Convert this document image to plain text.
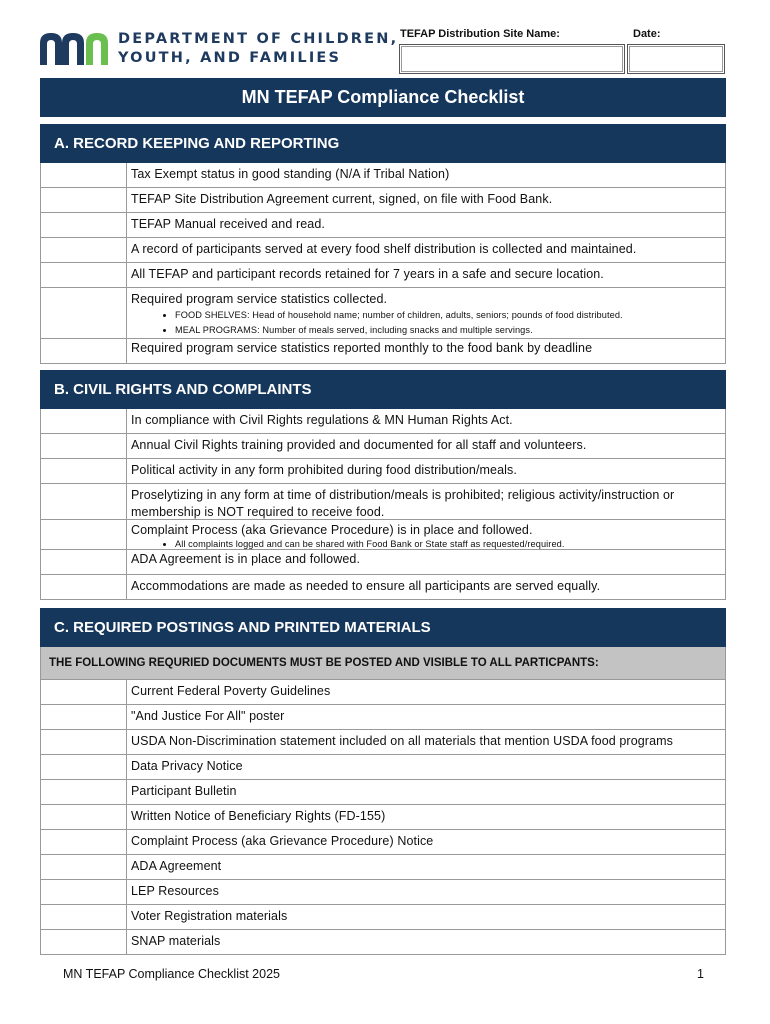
DEPARTMENT OF CHILDREN,
YOUTH, AND FAMILIES
TEFAP Distribution Site Name:	Date:
MN TEFAP Compliance Checklist
A. RECORD KEEPING AND REPORTING
Tax Exempt status in good standing (N/A if Tribal Nation)
TEFAP Site Distribution Agreement current, signed, on file with Food Bank.
TEFAP Manual received and read.
A record of participants served at every food shelf distribution is collected and maintained.
All TEFAP and participant records retained for 7 years in a safe and secure location.
Required program service statistics collected.
• FOOD SHELVES: Head of household name; number of children, adults, seniors; pounds of food distributed.
• MEAL PROGRAMS: Number of meals served, including snacks and multiple servings.
Required program service statistics reported monthly to the food bank by deadline
B. CIVIL RIGHTS AND COMPLAINTS
In compliance with Civil Rights regulations & MN Human Rights Act.
Annual Civil Rights training provided and documented for all staff and volunteers.
Political activity in any form prohibited during food distribution/meals.
Proselytizing in any form at time of distribution/meals is prohibited; religious activity/instruction or membership is NOT required to receive food.
Complaint Process (aka Grievance Procedure) is in place and followed.
• All complaints logged and can be shared with Food Bank or State staff as requested/required.
ADA Agreement is in place and followed.
Accommodations are made as needed to ensure all participants are served equally.
C. REQUIRED POSTINGS AND PRINTED MATERIALS
THE FOLLOWING REQURIED DOCUMENTS MUST BE POSTED AND VISIBLE TO ALL PARTICPANTS:
Current Federal Poverty Guidelines
"And Justice For All" poster
USDA Non-Discrimination statement included on all materials that mention USDA food programs
Data Privacy Notice
Participant Bulletin
Written Notice of Beneficiary Rights (FD-155)
Complaint Process (aka Grievance Procedure) Notice
ADA Agreement
LEP Resources
Voter Registration materials
SNAP materials
MN TEFAP Compliance Checklist 2025	1
